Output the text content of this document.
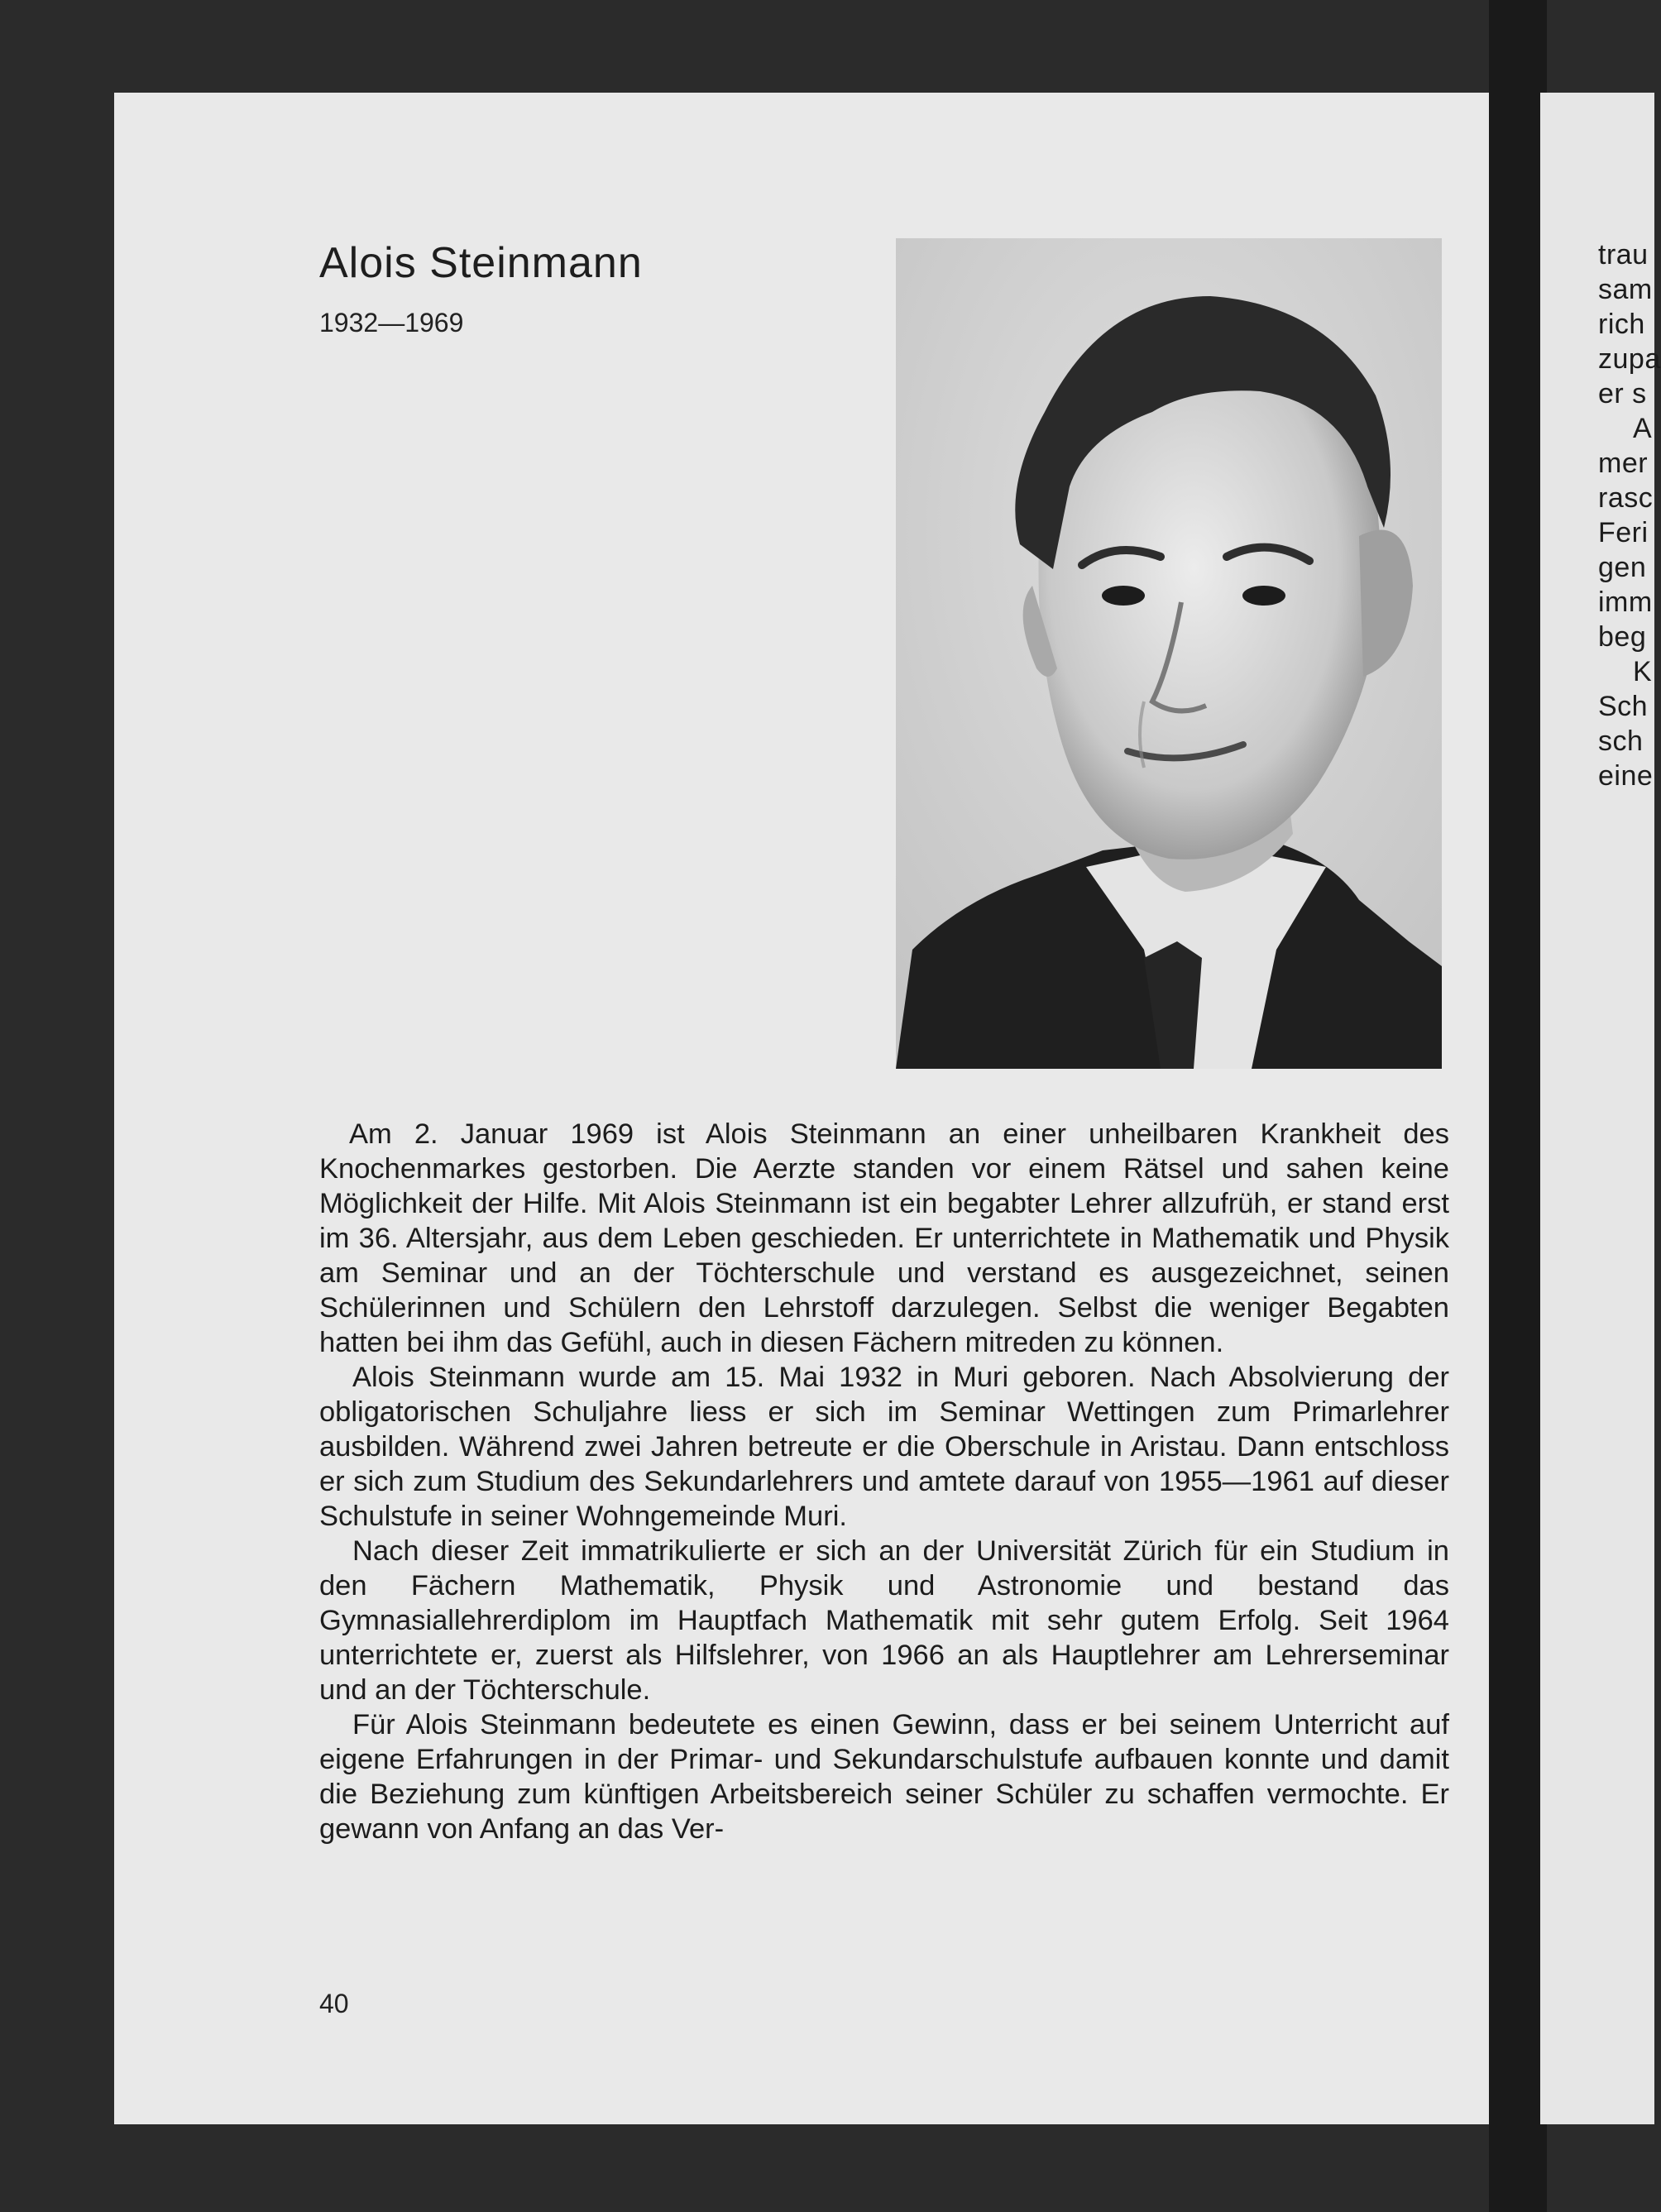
trau
sam
rich
zupa
er s
A
mer
rasc
Feri
gen
imm
beg
K
Sch
sch
eine
Alois Steinmann
1932—1969

Am 2. Januar 1969 ist Alois Steinmann an einer unheilbaren Krankheit des Knochenmarkes gestorben. Die Aerzte standen vor einem Rätsel und sahen keine Möglichkeit der Hilfe. Mit Alois Steinmann ist ein begabter Lehrer allzufrüh, er stand erst im 36. Altersjahr, aus dem Leben geschieden. Er unterrichtete in Mathematik und Physik am Seminar und an der Töchterschule und verstand es ausgezeichnet, seinen Schülerinnen und Schülern den Lehrstoff darzulegen. Selbst die weniger Begabten hatten bei ihm das Gefühl, auch in diesen Fächern mitreden zu können.

Alois Steinmann wurde am 15. Mai 1932 in Muri geboren. Nach Absolvierung der obligatorischen Schuljahre liess er sich im Seminar Wettingen zum Primarlehrer ausbilden. Während zwei Jahren betreute er die Oberschule in Aristau. Dann entschloss er sich zum Studium des Sekundarlehrers und amtete darauf von 1955—1961 auf dieser Schulstufe in seiner Wohngemeinde Muri.

Nach dieser Zeit immatrikulierte er sich an der Universität Zürich für ein Studium in den Fächern Mathematik, Physik und Astronomie und bestand das Gymnasiallehrerdiplom im Hauptfach Mathematik mit sehr gutem Erfolg. Seit 1964 unterrichtete er, zuerst als Hilfslehrer, von 1966 an als Hauptlehrer am Lehrerseminar und an der Töchterschule.

Für Alois Steinmann bedeutete es einen Gewinn, dass er bei seinem Unterricht auf eigene Erfahrungen in der Primar- und Sekundarschulstufe aufbauen konnte und damit die Beziehung zum künftigen Arbeitsbereich seiner Schüler zu schaffen vermochte. Er gewann von Anfang an das Ver-

40
